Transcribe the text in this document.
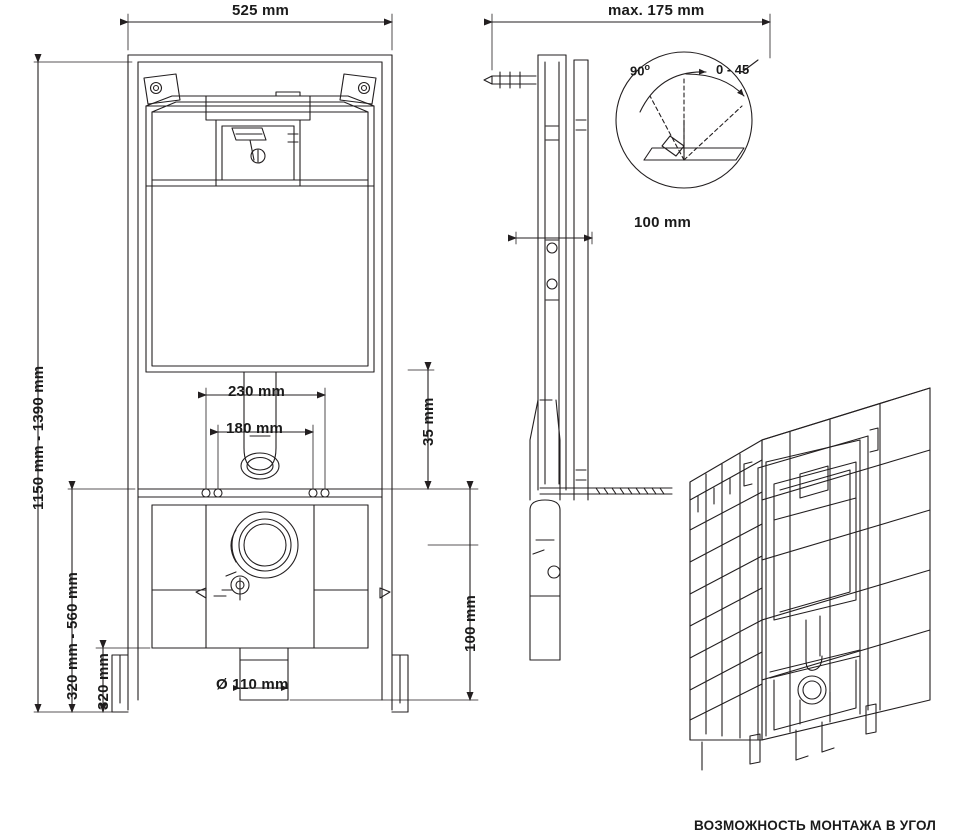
525 mm
1150 mm - 1390 mm
320 mm - 560 mm 320 mm
230 mm
180 mm	35 mm
100 mm
Ø 110 mm
max. 175 mm
100 mm
90$^o$	0 - 45
ВОЗМОЖНОСТЬ МОНТАЖА В УГОЛ
